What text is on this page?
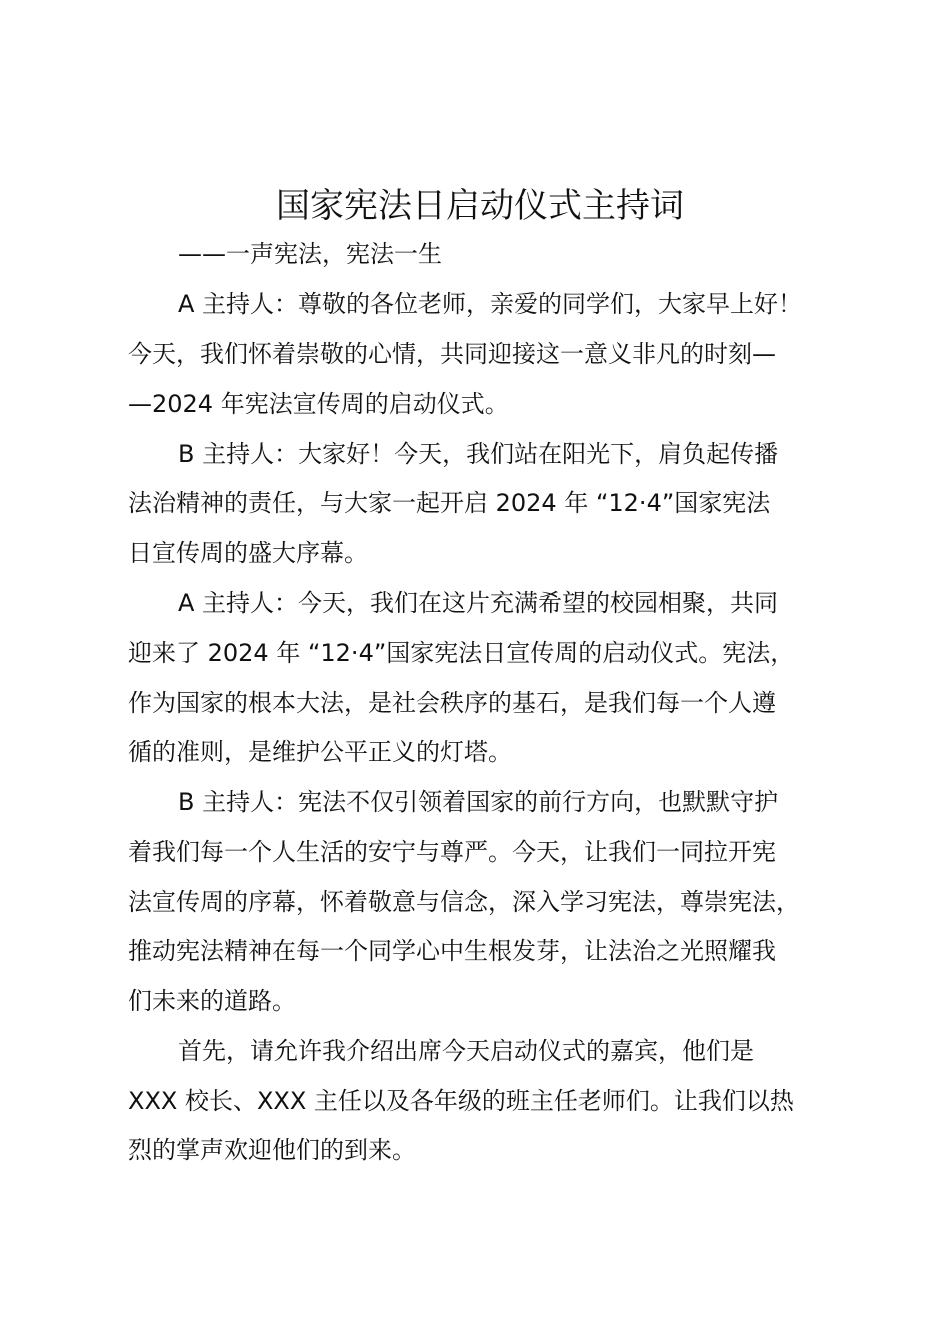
国家宪法日启动仪式主持词
——一声宪法，宪法一生
A 主持人：尊敬的各位老师，亲爱的同学们，大家早上好！
今天，我们怀着崇敬的心情，共同迎接这一意义非凡的时刻—
—2024 年宪法宣传周的启动仪式。
B 主持人：大家好！今天，我们站在阳光下，肩负起传播
法治精神的责任，与大家一起开启 2024 年 “12·4”国家宪法
日宣传周的盛大序幕。
A 主持人：今天，我们在这片充满希望的校园相聚，共同
迎来了 2024 年 “12·4”国家宪法日宣传周的启动仪式。宪法，
作为国家的根本大法，是社会秩序的基石，是我们每一个人遵
循的准则，是维护公平正义的灯塔。
B 主持人：宪法不仅引领着国家的前行方向，也默默守护
着我们每一个人生活的安宁与尊严。今天，让我们一同拉开宪
法宣传周的序幕，怀着敬意与信念，深入学习宪法，尊崇宪法，
推动宪法精神在每一个同学心中生根发芽，让法治之光照耀我
们未来的道路。
首先，请允许我介绍出席今天启动仪式的嘉宾，他们是
XXX 校长、XXX 主任以及各年级的班主任老师们。让我们以热
烈的掌声欢迎他们的到来。
